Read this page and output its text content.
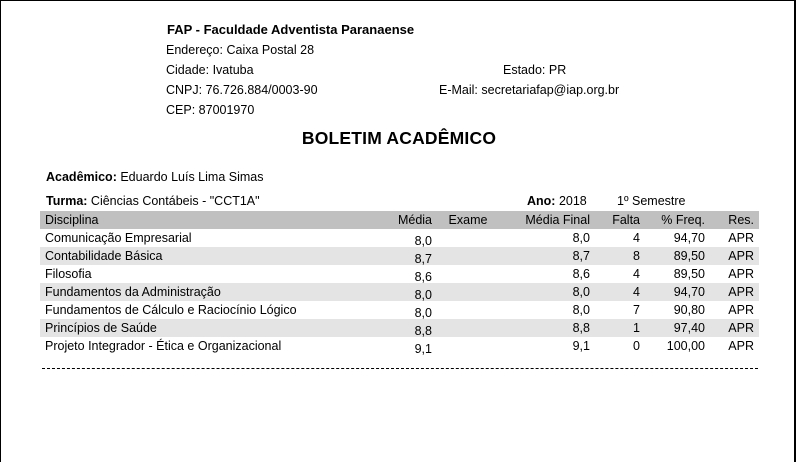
FAP - Faculdade Adventista Paranaense
Endereço: Caixa Postal 28
Cidade: Ivatuba	Estado: PR
CNPJ: 76.726.884/0003-90	E-Mail: secretariafap@iap.org.br
CEP: 87001970
BOLETIM ACADÊMICO
Acadêmico: Eduardo Luís Lima Simas
Turma: Ciências Contábeis - "CCT1A"	Ano: 2018 1º Semestre
Disciplina	Média	Exame	Média Final	Falta	% Freq.	Res.
Comunicação Empresarial	8,0		8,0	4	94,70	APR
Contabilidade Básica	8,7		8,7	8	89,50	APR
Filosofia	8,6		8,6	4	89,50	APR
Fundamentos da Administração	8,0		8,0	4	94,70	APR
Fundamentos de Cálculo e Raciocínio Lógico	8,0		8,0	7	90,80	APR
Princípios de Saúde	8,8		8,8	1	97,40	APR
Projeto Integrador - Ética e Organizacional	9,1		9,1	0	100,00	APR
